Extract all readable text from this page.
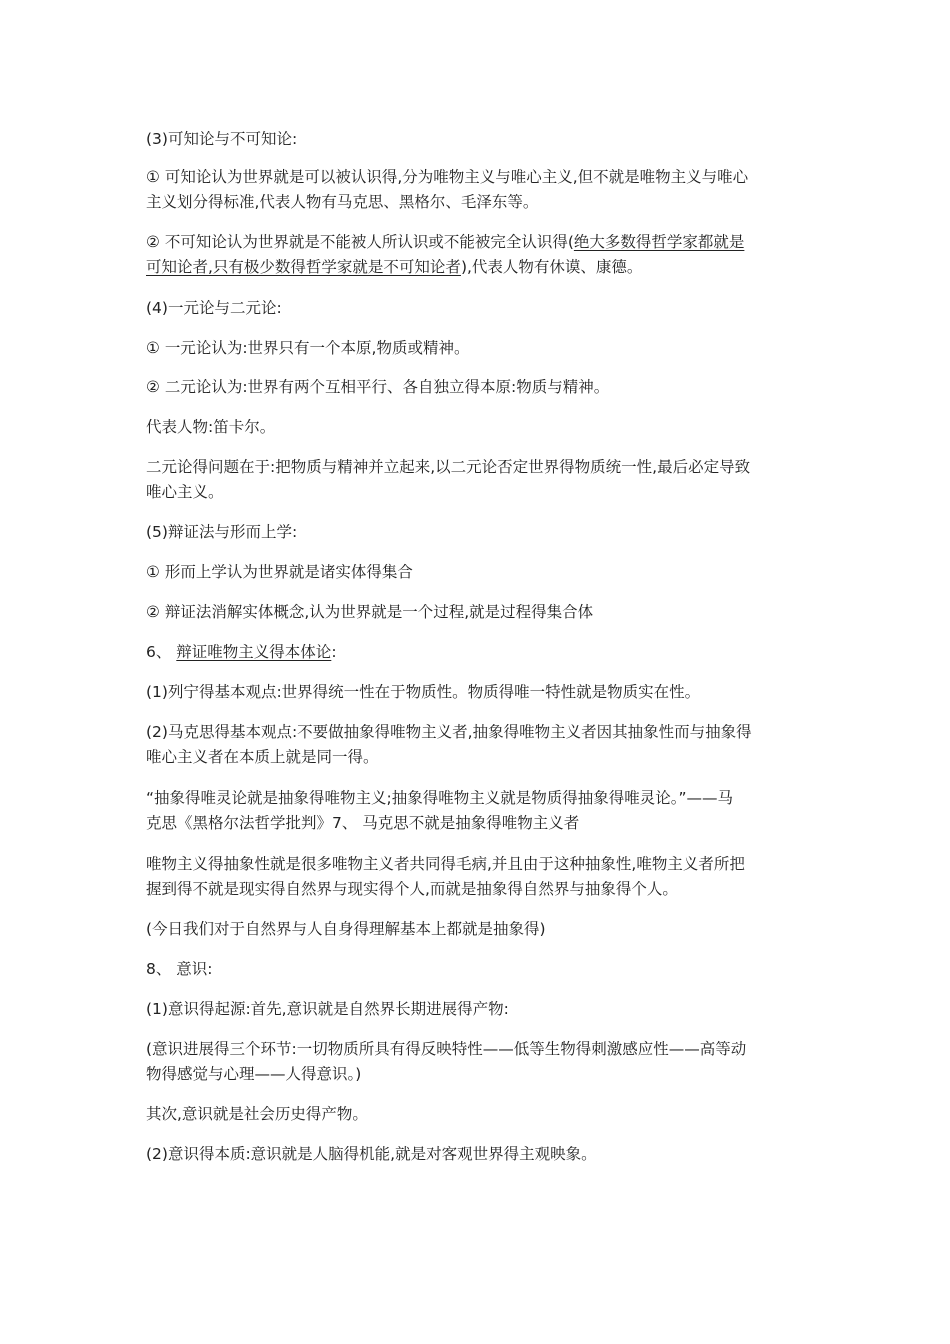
(3)可知论与不可知论:

① 可知论认为世界就是可以被认识得,分为唯物主义与唯心主义,但不就是唯物主义与唯心
主义划分得标准,代表人物有马克思、黑格尔、毛泽东等。

② 不可知论认为世界就是不能被人所认识或不能被完全认识得(绝大多数得哲学家都就是
可知论者,只有极少数得哲学家就是不可知论者),代表人物有休谟、康德。

(4)一元论与二元论:

① 一元论认为:世界只有一个本原,物质或精神。

② 二元论认为:世界有两个互相平行、各自独立得本原:物质与精神。

代表人物:笛卡尔。

二元论得问题在于:把物质与精神并立起来,以二元论否定世界得物质统一性,最后必定导致
唯心主义。

(5)辩证法与形而上学:

① 形而上学认为世界就是诸实体得集合

② 辩证法消解实体概念,认为世界就是一个过程,就是过程得集合体

6、 辩证唯物主义得本体论:

(1)列宁得基本观点:世界得统一性在于物质性。物质得唯一特性就是物质实在性。

(2)马克思得基本观点:不要做抽象得唯物主义者,抽象得唯物主义者因其抽象性而与抽象得
唯心主义者在本质上就是同一得。

“抽象得唯灵论就是抽象得唯物主义;抽象得唯物主义就是物质得抽象得唯灵论。”——马
克思《黑格尔法哲学批判》7、 马克思不就是抽象得唯物主义者

唯物主义得抽象性就是很多唯物主义者共同得毛病,并且由于这种抽象性,唯物主义者所把
握到得不就是现实得自然界与现实得个人,而就是抽象得自然界与抽象得个人。

(今日我们对于自然界与人自身得理解基本上都就是抽象得)

8、 意识:

(1)意识得起源:首先,意识就是自然界长期进展得产物:

(意识进展得三个环节:一切物质所具有得反映特性——低等生物得刺激感应性——高等动
物得感觉与心理——人得意识。)

其次,意识就是社会历史得产物。

(2)意识得本质:意识就是人脑得机能,就是对客观世界得主观映象。
